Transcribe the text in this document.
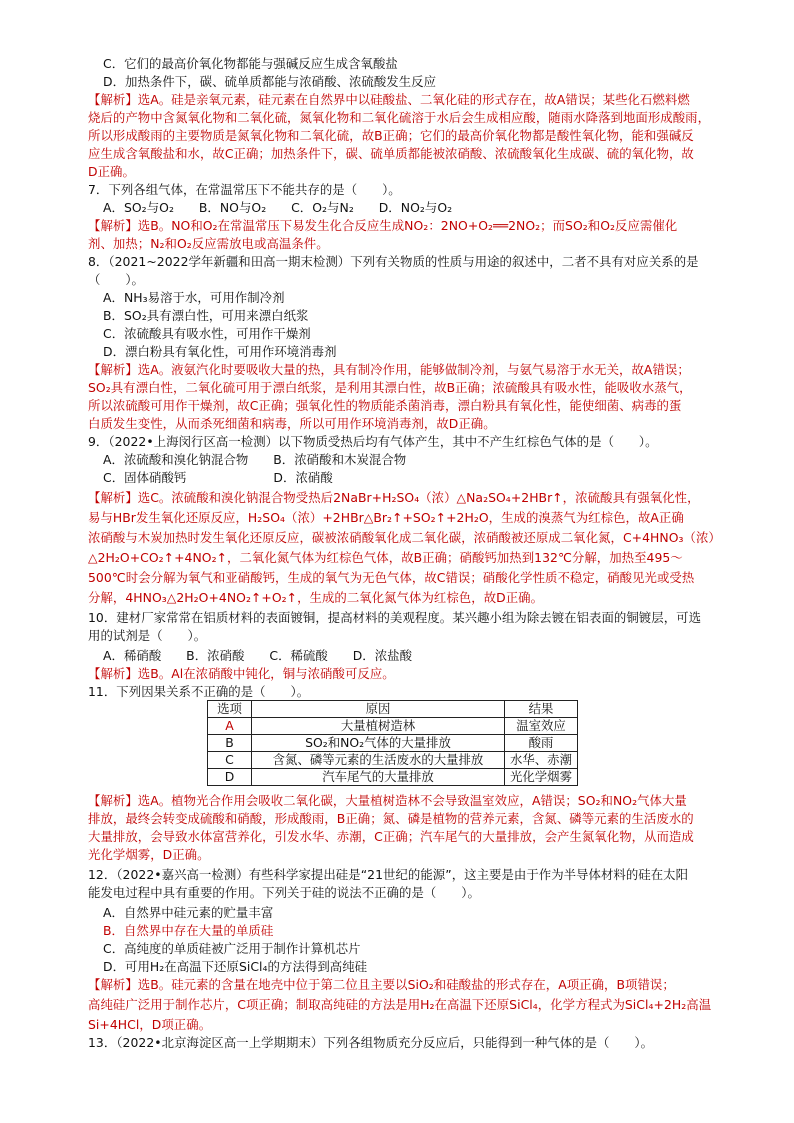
C．它们的最高价氧化物都能与强碱反应生成含氧酸盐
D．加热条件下，碳、硫单质都能与浓硝酸、浓硫酸发生反应
【解析】选A。硅是亲氧元素，硅元素在自然界中以硅酸盐、二氧化硅的形式存在，故A错误；某些化石燃料燃
烧后的产物中含氮氧化物和二氧化硫，氮氧化物和二氧化硫溶于水后会生成相应酸，随雨水降落到地面形成酸雨，
所以形成酸雨的主要物质是氮氧化物和二氧化硫，故B正确；它们的最高价氧化物都是酸性氧化物，能和强碱反
应生成含氧酸盐和水，故C正确；加热条件下，碳、硫单质都能被浓硝酸、浓硫酸氧化生成碳、硫的氧化物，故
D正确。
7．下列各组气体，在常温常压下不能共存的是（　　）。
A．SO₂与O₂　　B．NO与O₂　　C．O₂与N₂　　D．NO₂与O₂
【解析】选B。NO和O₂在常温常压下易发生化合反应生成NO₂：2NO+O₂══2NO₂；而SO₂和O₂反应需催化
剂、加热；N₂和O₂反应需放电或高温条件。
8．（2021~2022学年新疆和田高一期末检测）下列有关物质的性质与用途的叙述中，二者不具有对应关系的是
（　　）。
A．NH₃易溶于水，可用作制冷剂
B．SO₂具有漂白性，可用来漂白纸浆
C．浓硫酸具有吸水性，可用作干燥剂
D．漂白粉具有氧化性，可用作环境消毒剂
【解析】选A。液氨汽化时要吸收大量的热，具有制冷作用，能够做制冷剂，与氨气易溶于水无关，故A错误；
SO₂具有漂白性，二氧化硫可用于漂白纸浆，是利用其漂白性，故B正确；浓硫酸具有吸水性，能吸收水蒸气，
所以浓硫酸可用作干燥剂，故C正确；强氧化性的物质能杀菌消毒，漂白粉具有氧化性，能使细菌、病毒的蛋
白质发生变性，从而杀死细菌和病毒，所以可用作环境消毒剂，故D正确。
9．（2022•上海闵行区高一检测）以下物质受热后均有气体产生，其中不产生红棕色气体的是（　　）。
A．浓硫酸和溴化钠混合物　　B．浓硝酸和木炭混合物
C．固体硝酸钙　　　　　　　D．浓硝酸
【解析】选C。浓硫酸和溴化钠混合物受热后2NaBr+H₂SO₄（浓）△Na₂SO₄+2HBr↑，浓硫酸具有强氧化性，
易与HBr发生氧化还原反应，H₂SO₄（浓）+2HBr△Br₂↑+SO₂↑+2H₂O，生成的溴蒸气为红棕色，故A正确
浓硝酸与木炭加热时发生氧化还原反应，碳被浓硝酸氧化成二氧化碳，浓硝酸被还原成二氧化氮，C+4HNO₃（浓）
△2H₂O+CO₂↑+4NO₂↑，二氧化氮气体为红棕色气体，故B正确；硝酸钙加热到132℃分解，加热至495～
500℃时会分解为氧气和亚硝酸钙，生成的氧气为无色气体，故C错误；硝酸化学性质不稳定，硝酸见光或受热
分解，4HNO₃△2H₂O+4NO₂↑+O₂↑，生成的二氧化氮气体为红棕色，故D正确。
10．建材厂家常常在铝质材料的表面镀铜，提高材料的美观程度。某兴趣小组为除去镀在铝表面的铜镀层，可选
用的试剂是（　　）。
A．稀硝酸　　B．浓硝酸　　C．稀硫酸　　D．浓盐酸
【解析】选B。Al在浓硝酸中钝化，铜与浓硝酸可反应。
11．下列因果关系不正确的是（　　）。
【解析】选A。植物光合作用会吸收二氧化碳，大量植树造林不会导致温室效应，A错误；SO₂和NO₂气体大量
排放，最终会转变成硫酸和硝酸，形成酸雨，B正确；氮、磷是植物的营养元素，含氮、磷等元素的生活废水的
大量排放，会导致水体富营养化，引发水华、赤潮，C正确；汽车尾气的大量排放，会产生氮氧化物，从而造成
光化学烟雾，D正确。
12．（2022•嘉兴高一检测）有些科学家提出硅是“21世纪的能源”，这主要是由于作为半导体材料的硅在太阳
能发电过程中具有重要的作用。下列关于硅的说法不正确的是（　　）。
A．自然界中硅元素的贮量丰富
B．自然界中存在大量的单质硅
C．高纯度的单质硅被广泛用于制作计算机芯片
D．可用H₂在高温下还原SiCl₄的方法得到高纯硅
【解析】选B。硅元素的含量在地壳中位于第二位且主要以SiO₂和硅酸盐的形式存在，A项正确，B项错误；
高纯硅广泛用于制作芯片，C项正确；制取高纯硅的方法是用H₂在高温下还原SiCl₄，化学方程式为SiCl₄+2H₂高温
Si+4HCl，D项正确。
13．（2022•北京海淀区高一上学期期末）下列各组物质充分反应后，只能得到一种气体的是（　　）。
选项	原因	结果
A	大量植树造林	温室效应
B	SO₂和NO₂气体的大量排放	酸雨
C	含氮、磷等元素的生活废水的大量排放	水华、赤潮
D	汽车尾气的大量排放	光化学烟雾
